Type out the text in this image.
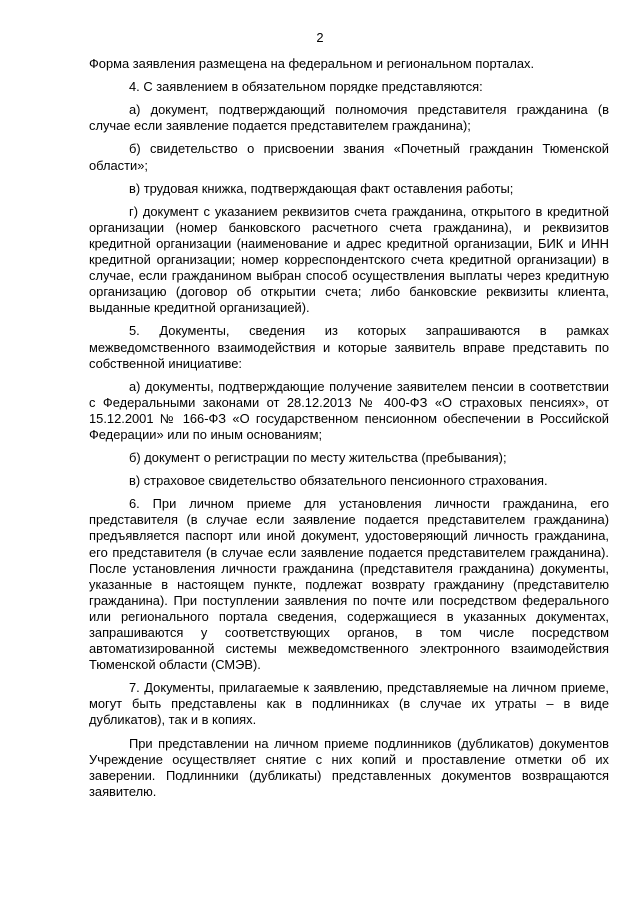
2

Форма заявления размещена на федеральном и региональном порталах.

4. С заявлением в обязательном порядке представляются:

а) документ, подтверждающий полномочия представителя гражданина (в случае если заявление подается представителем гражданина);

б) свидетельство о присвоении звания «Почетный гражданин Тюменской области»;

в) трудовая книжка, подтверждающая факт оставления работы;

г) документ с указанием реквизитов счета гражданина, открытого в кредитной организации (номер банковского расчетного счета гражданина), и реквизитов кредитной организации (наименование и адрес кредитной организации, БИК и ИНН кредитной организации; номер корреспондентского счета кредитной организации) в случае, если гражданином выбран способ осуществления выплаты через кредитную организацию (договор об открытии счета; либо банковские реквизиты клиента, выданные кредитной организацией).

5. Документы, сведения из которых запрашиваются в рамках межведомственного взаимодействия и которые заявитель вправе представить по собственной инициативе:

а) документы, подтверждающие получение заявителем пенсии в соответствии с Федеральными законами от 28.12.2013 № 400-ФЗ «О страховых пенсиях», от 15.12.2001 № 166-ФЗ «О государственном пенсионном обеспечении в Российской Федерации» или по иным основаниям;

б) документ о регистрации по месту жительства (пребывания);

в) страховое свидетельство обязательного пенсионного страхования.

6. При личном приеме для установления личности гражданина, его представителя (в случае если заявление подается представителем гражданина) предъявляется паспорт или иной документ, удостоверяющий личность гражданина, его представителя (в случае если заявление подается представителем гражданина). После установления личности гражданина (представителя гражданина) документы, указанные в настоящем пункте, подлежат возврату гражданину (представителю гражданина). При поступлении заявления по почте или посредством федерального или регионального портала сведения, содержащиеся в указанных документах, запрашиваются у соответствующих органов, в том числе посредством автоматизированной системы межведомственного электронного взаимодействия Тюменской области (СМЭВ).

7. Документы, прилагаемые к заявлению, представляемые на личном приеме, могут быть представлены как в подлинниках (в случае их утраты – в виде дубликатов), так и в копиях.

При представлении на личном приеме подлинников (дубликатов) документов Учреждение осуществляет снятие с них копий и проставление отметки об их заверении. Подлинники (дубликаты) представленных документов возвращаются заявителю.
